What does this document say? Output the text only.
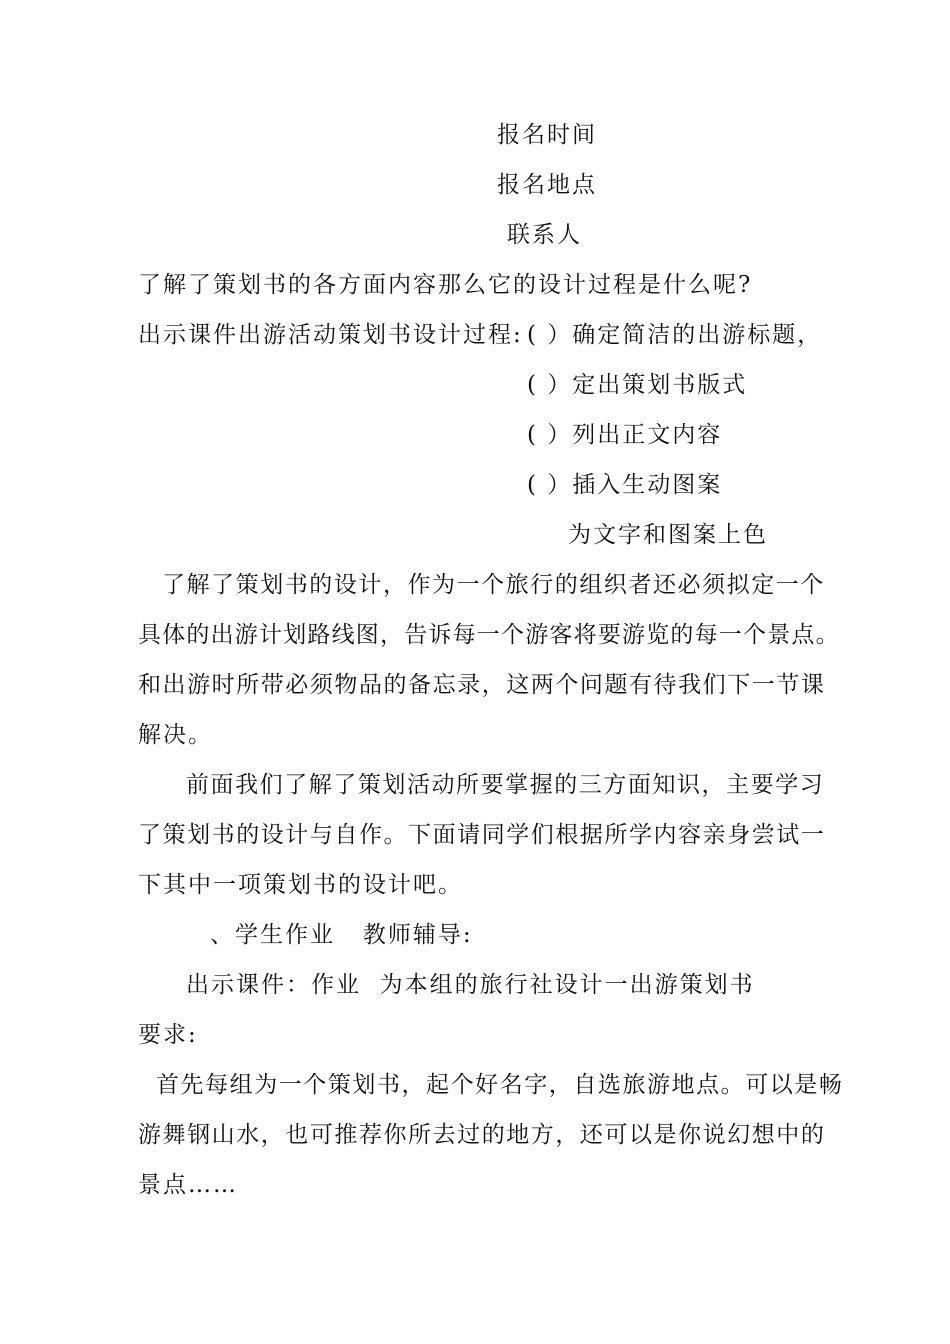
报名时间

报名地点

联系人

了解了策划书的各方面内容那么它的设计过程是什么呢?

出示课件出游活动策划书设计过程: ( ）确定简洁的出游标题，

( ）定出策划书版式

( ）列出正文内容

( ）插入生动图案

为文字和图案上色

了解了策划书的设计，作为一个旅行的组织者还必须拟定一个

具体的出游计划路线图，告诉每一个游客将要游览的每一个景点。

和出游时所带必须物品的备忘录，这两个问题有待我们下一节课

解决。

前面我们了解了策划活动所要掌握的三方面知识，主要学习

了策划书的设计与自作。下面请同学们根据所学内容亲身尝试一

下其中一项策划书的设计吧。

、学生作业   教师辅导:

出示课件：作业  为本组的旅行社设计一出游策划书

要求:

首先每组为一个策划书，起个好名字，自选旅游地点。可以是畅

游舞钢山水，也可推荐你所去过的地方，还可以是你说幻想中的

景点……
